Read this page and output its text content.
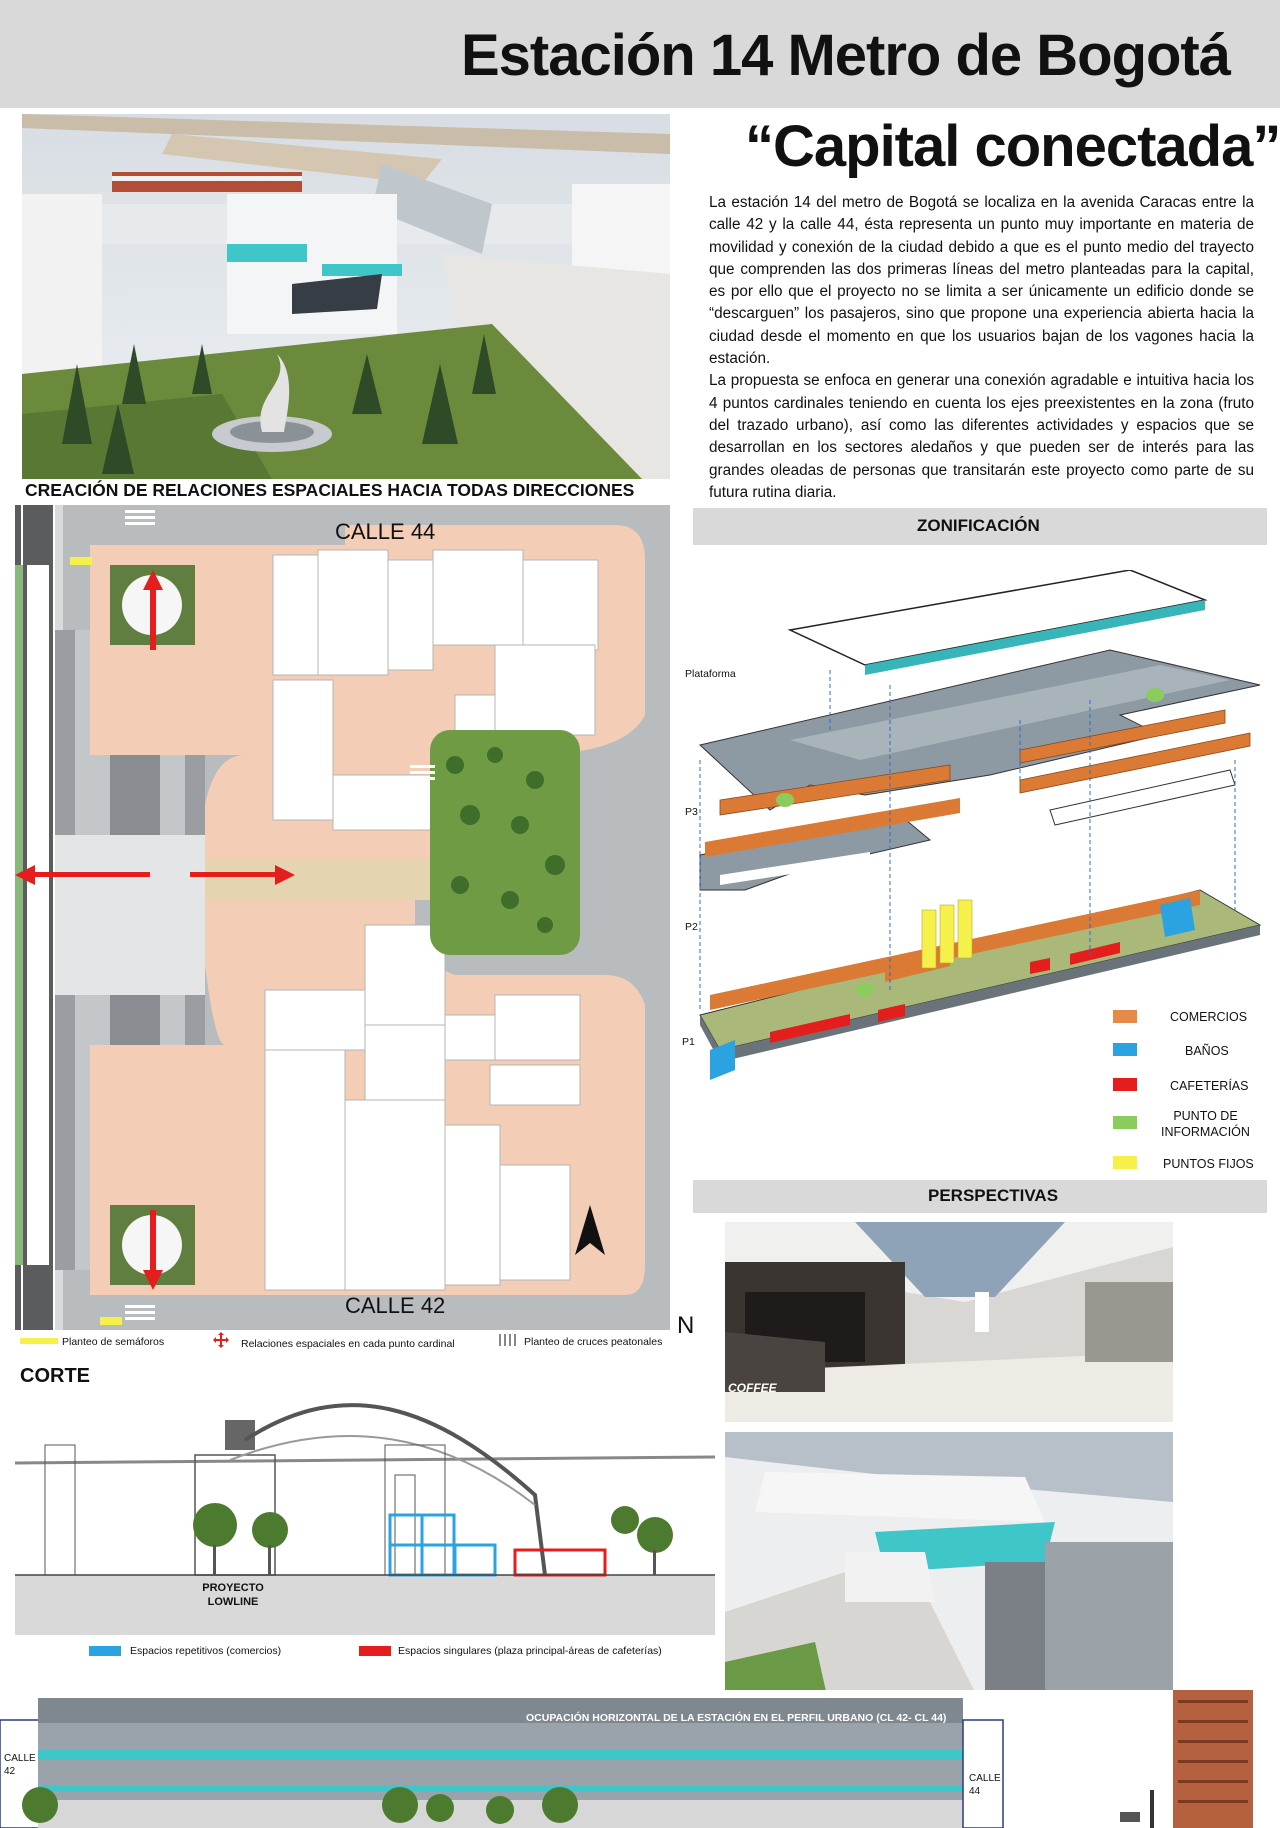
Estación 14 Metro de Bogotá
“Capital conectada”

La estación 14 del metro de Bogotá se localiza en la avenida Caracas entre la calle 42 y la calle 44, ésta representa un punto muy importante en materia de movilidad y conexión de la ciudad debido a que es el punto medio del trayecto que comprenden las dos primeras líneas del metro planteadas para la capital, es por ello que el proyecto no se limita a ser únicamente un edificio donde se “descarguen” los pasajeros, sino que propone una experiencia abierta hacia la ciudad desde el momento en que los usuarios bajan de los vagones hacia la estación.

La propuesta se enfoca en generar una conexión agradable e intuitiva hacia los 4 puntos cardinales teniendo en cuenta los ejes preexistentes en la zona (fruto del trazado urbano), así como las diferentes actividades y espacios que se desarrollan en los sectores aledaños y que pueden ser de interés para las grandes oleadas de personas que transitarán este proyecto como parte de su futura rutina diaria.

CREACIÓN DE RELACIONES ESPACIALES HACIA TODAS DIRECCIONES
CALLE 44
CALLE 42
N
Planteo de semáforos	Relaciones espaciales en cada punto cardinal	Planteo de cruces peatonales
ZONIFICACIÓN
Plataforma
P3
P2
P1
COMERCIOS
BAÑOS
CAFETERÍAS
PUNTO DE INFORMACIÓN
PUNTOS FIJOS
PERSPECTIVAS
COFFEE
CORTE
PROYECTO LOWLINE
Espacios repetitivos (comercios)	Espacios singulares (plaza principal-áreas de cafeterías)
OCUPACIÓN HORIZONTAL DE LA ESTACIÓN EN EL PERFIL URBANO (CL 42- CL 44)
CALLE 42
CALLE 44
